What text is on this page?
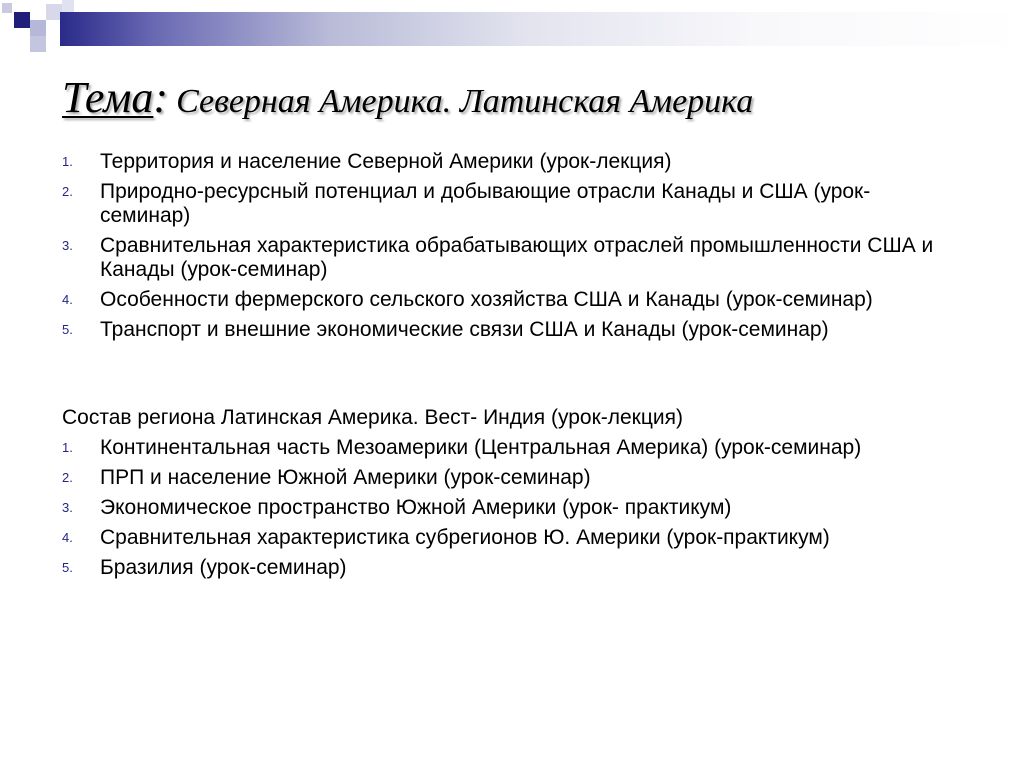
Тема: Северная Америка. Латинская Америка
1. Территория и население Северной Америки (урок-лекция)
2. Природно-ресурсный потенциал и добывающие отрасли Канады и США (урок-семинар)
3. Сравнительная характеристика обрабатывающих отраслей промышленности США и Канады (урок-семинар)
4. Особенности фермерского сельского хозяйства США и Канады (урок-семинар)
5. Транспорт и внешние экономические связи США и Канады (урок-семинар)

Состав региона Латинская Америка. Вест- Индия (урок-лекция)

1. Континентальная часть Мезоамерики (Центральная Америка) (урок-семинар)
2. ПРП и население Южной Америки (урок-семинар)
3. Экономическое пространство Южной Америки (урок- практикум)
4. Сравнительная характеристика субрегионов Ю. Америки (урок-практикум)
5. Бразилия (урок-семинар)
